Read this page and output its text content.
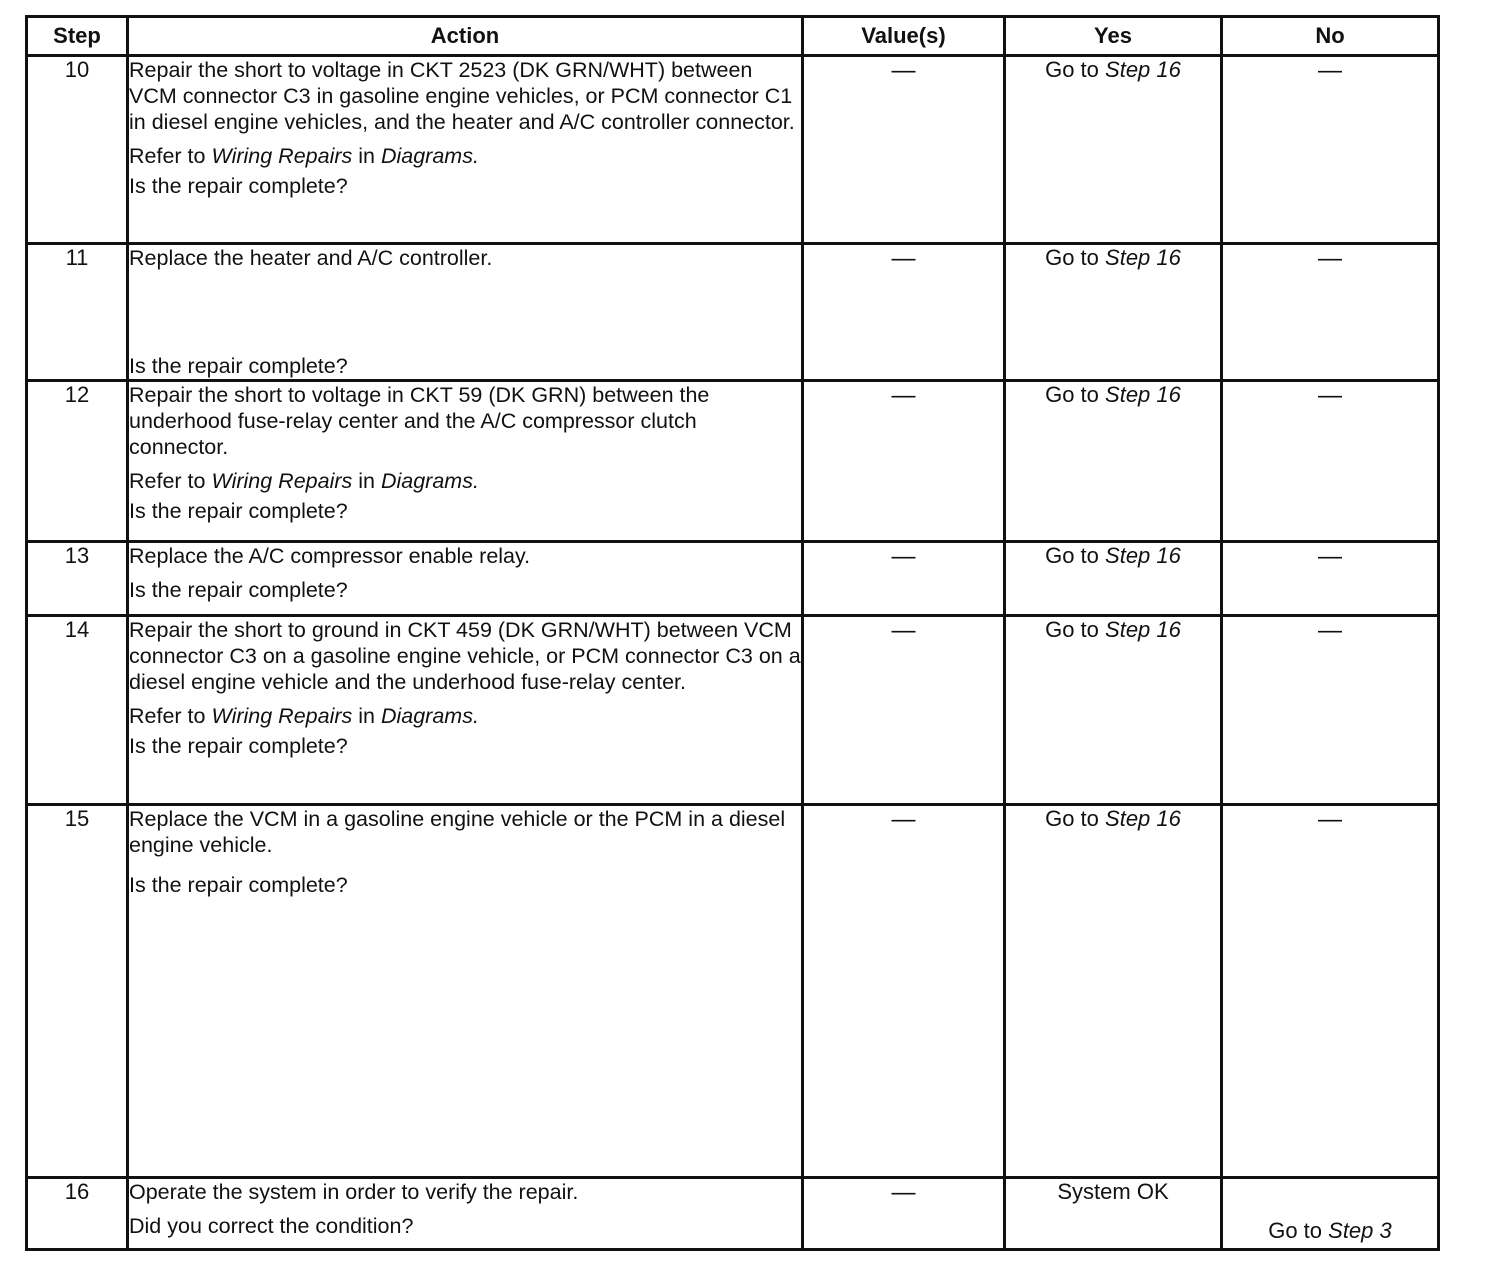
Step	Action	Value(s)	Yes	No
10	Repair the short to voltage in CKT 2523 (DK GRN/WHT) between VCM connector C3 in gasoline engine vehicles, or PCM connector C1 in diesel engine vehicles, and the heater and A/C controller connector.

Refer to Wiring Repairs in Diagrams.

Is the repair complete?	—	Go to Step 16	—
11	Replace the heater and A/C controller.

Is the repair complete?	—	Go to Step 16	—
12	Repair the short to voltage in CKT 59 (DK GRN) between the underhood fuse-relay center and the A/C compressor clutch connector.

Refer to Wiring Repairs in Diagrams.

Is the repair complete?	—	Go to Step 16	—
13	Replace the A/C compressor enable relay.

Is the repair complete?	—	Go to Step 16	—
14	Repair the short to ground in CKT 459 (DK GRN/WHT) between VCM connector C3 on a gasoline engine vehicle, or PCM connector C3 on a diesel engine vehicle and the underhood fuse-relay center.

Refer to Wiring Repairs in Diagrams.

Is the repair complete?	—	Go to Step 16	—
15	Replace the VCM in a gasoline engine vehicle or the PCM in a diesel engine vehicle.

Is the repair complete?	—	Go to Step 16	—
16	Operate the system in order to verify the repair.

Did you correct the condition?	—	System OK	Go to Step 3
